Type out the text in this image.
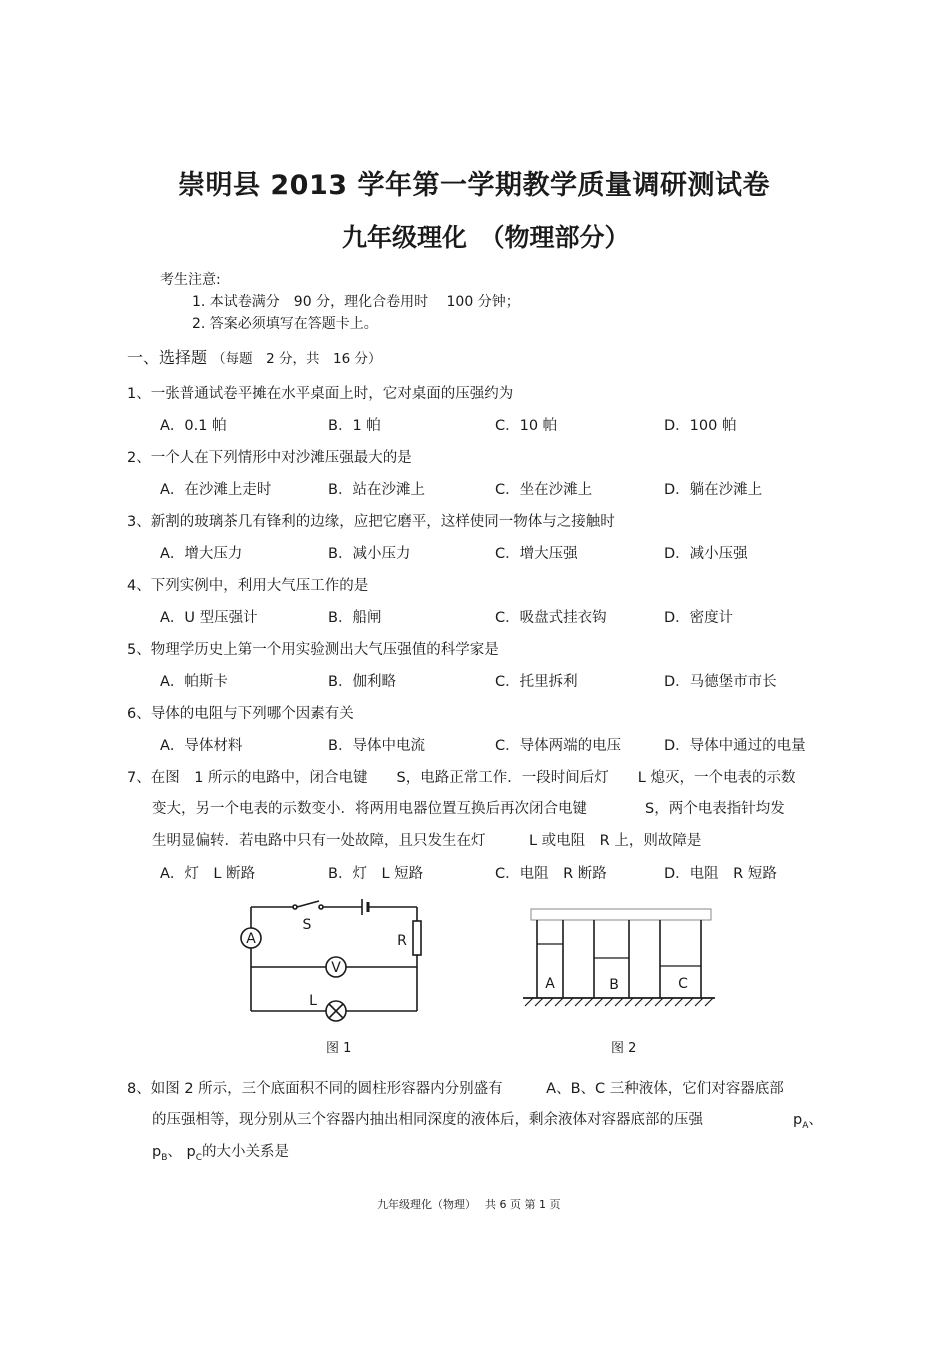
崇明县 2013 学年第一学期教学质量调研测试卷
九年级理化　（物理部分）
考生注意:
1. 本试卷满分　90 分，理化合卷用时　 100 分钟；
2. 答案必须填写在答题卡上。
一、选择题 （每题　2 分，共　16 分）
1、一张普通试卷平摊在水平桌面上时，它对桌面的压强约为
A．0.1 帕	B．1 帕	C．10 帕	D．100 帕
2、一个人在下列情形中对沙滩压强最大的是
A．在沙滩上走时	B．站在沙滩上	C．坐在沙滩上	D．躺在沙滩上
3、新割的玻璃茶几有锋利的边缘，应把它磨平，这样使同一物体与之接触时
A．增大压力	B．减小压力	C．增大压强	D．减小压强
4、下列实例中，利用大气压工作的是
A．U 型压强计	B．船闸	C．吸盘式挂衣钩	D．密度计
5、物理学历史上第一个用实验测出大气压强值的科学家是
A．帕斯卡	B．伽利略	C．托里拆利	D．马德堡市市长
6、导体的电阻与下列哪个因素有关
A．导体材料	B．导体中电流	C．导体两端的电压	D．导体中通过的电量
7、在图　1 所示的电路中，闭合电键　　S，电路正常工作．一段时间后灯　　L 熄灭，一个电表的示数
变大，另一个电表的示数变小．将两用电器位置互换后再次闭合电键　　　　S，两个电表指针均发
生明显偏转．若电路中只有一处故障，且只发生在灯　　　L 或电阻　R 上，则故障是
A．灯　L 断路	B．灯　L 短路	C．电阻　R 断路	D．电阻　R 短路
A
V
S
R
L
A	B	C
图 1	图 2
8、如图 2 所示，三个底面积不同的圆柱形容器内分别盛有　　　A、B、C 三种液体，它们对容器底部
的压强相等，现分别从三个容器内抽出相同深度的液体后，剩余液体对容器底部的压强	$p_A$、
$p_B$、 $p_C$的大小关系是
九年级理化（物理）　 共 6 页 第 1 页
